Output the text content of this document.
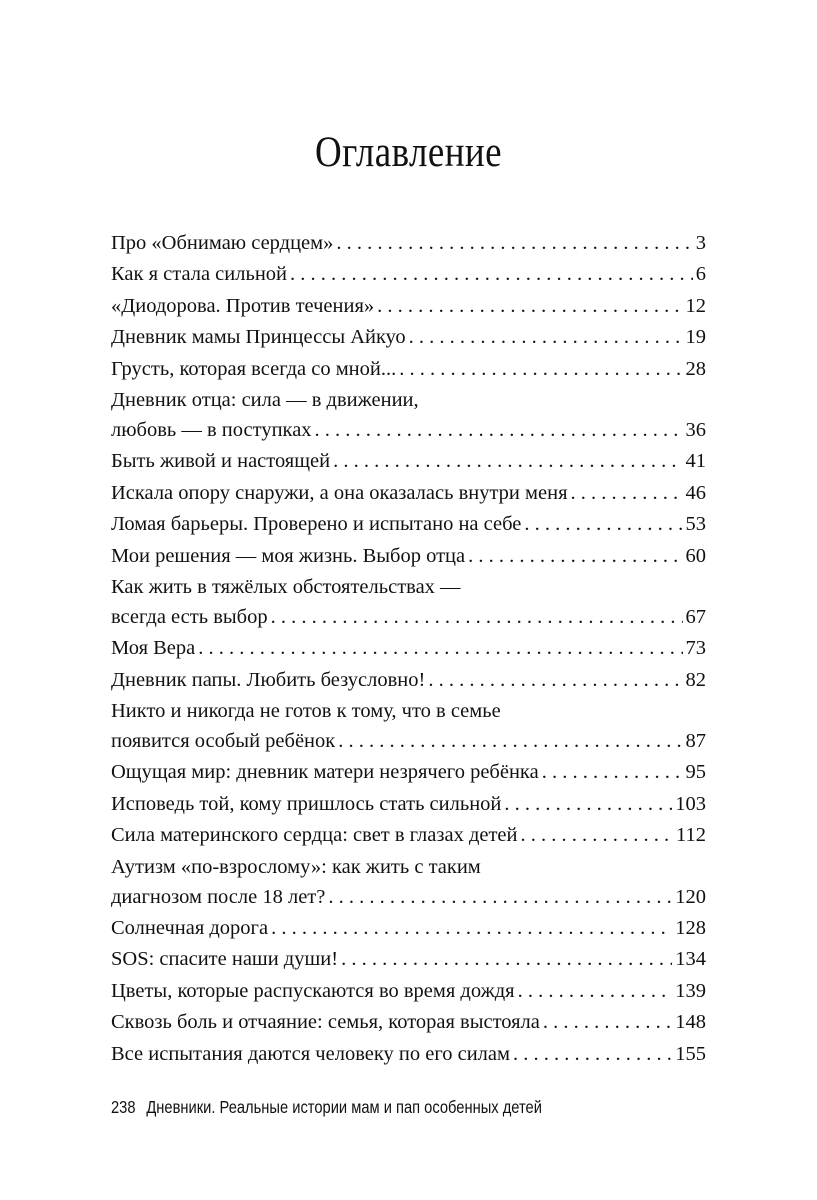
Оглавление
Про «Обнимаю сердцем» . . .	3
Как я стала сильной . . .	6
«Диодорова. Против течения» . . .	12
Дневник мамы Принцессы Айкуо . . .	19
Грусть, которая всегда со мной... . . .	28
Дневник отца: сила — в движении,
любовь — в поступках . . .	36
Быть живой и настоящей . . .	41
Искала опору снаружи, а она оказалась внутри меня . . .	46
Ломая барьеры. Проверено и испытано на себе . . .	53
Мои решения — моя жизнь. Выбор отца . . .	60
Как жить в тяжёлых обстоятельствах —
всегда есть выбор . . .	67
Моя Вера . . .	73
Дневник папы. Любить безусловно! . . .	82
Никто и никогда не готов к тому, что в семье
появится особый ребёнок . . .	87
Ощущая мир: дневник матери незрячего ребёнка . . .	95
Исповедь той, кому пришлось стать сильной . . .	103
Сила материнского сердца: свет в глазах детей . . .	112
Аутизм «по-взрослому»: как жить с таким
диагнозом после 18 лет? . . .	120
Солнечная дорога . . .	128
SOS: спасите наши души! . . .	134
Цветы, которые распускаются во время дождя . . .	139
Сквозь боль и отчаяние: семья, которая выстояла . . .	148
Все испытания даются человеку по его силам . . .	155
238 Дневники. Реальные истории мам и пап особенных детей
